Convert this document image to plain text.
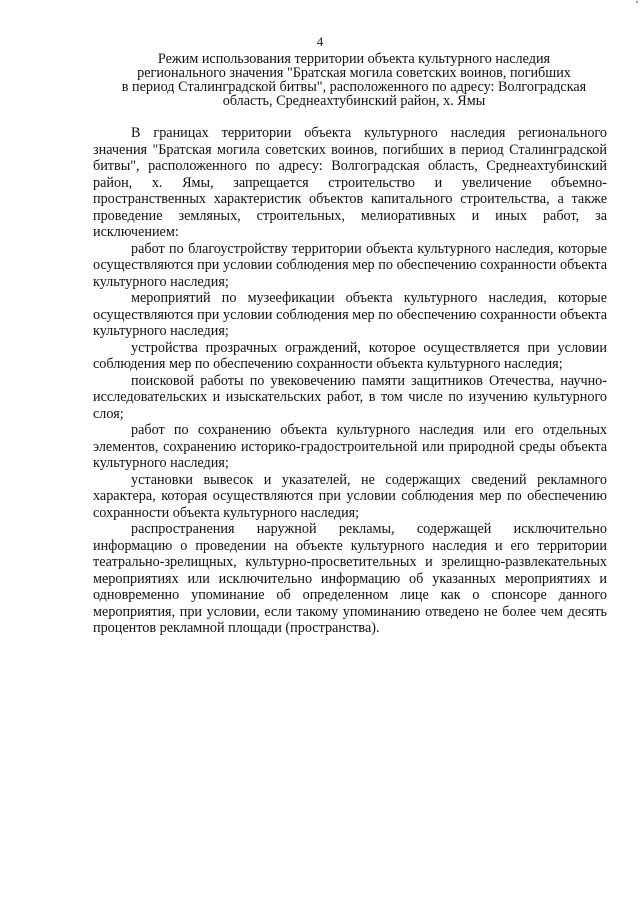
4
'
Режим использования территории объекта культурного наследия
регионального значения "Братская могила советских воинов, погибших
в период Сталинградской битвы", расположенного по адресу: Волгоградская
область, Среднеахтубинский район, х. Ямы

В границах территории объекта культурного наследия регионального значения "Братская могила советских воинов, погибших в период Сталинградской битвы", расположенного по адресу: Волгоградская область, Среднеахтубинский район, х. Ямы, запрещается строительство и увеличение объемно-пространственных характеристик объектов капитального строительства, а также проведение земляных, строительных, мелиоративных и иных работ, за исключением:

работ по благоустройству территории объекта культурного наследия, которые осуществляются при условии соблюдения мер по обеспечению сохранности объекта культурного наследия;

мероприятий по музеефикации объекта культурного наследия, которые осуществляются при условии соблюдения мер по обеспечению сохранности объекта культурного наследия;

устройства прозрачных ограждений, которое осуществляется при условии соблюдения мер по обеспечению сохранности объекта культурного наследия;

поисковой работы по увековечению памяти защитников Отечества, научно-исследовательских и изыскательских работ, в том числе по изучению культурного слоя;

работ по сохранению объекта культурного наследия или его отдельных элементов, сохранению историко-градостроительной или природной среды объекта культурного наследия;

установки вывесок и указателей, не содержащих сведений рекламного характера, которая осуществляются при условии соблюдения мер по обеспечению сохранности объекта культурного наследия;

распространения наружной рекламы, содержащей исключительно информацию о проведении на объекте культурного наследия и его территории театрально-зрелищных, культурно-просветительных и зрелищно-развлекательных мероприятиях или исключительно информацию об указанных мероприятиях и одновременно упоминание об определенном лице как о спонсоре данного мероприятия, при условии, если такому упоминанию отведено не более чем десять процентов рекламной площади (пространства).
